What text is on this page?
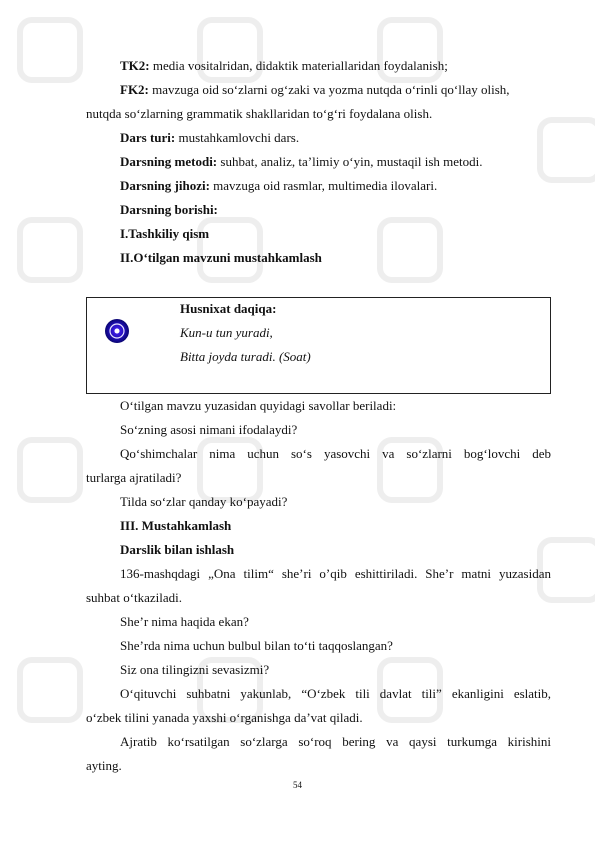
TK2: media vositalridan, didaktik materiallaridan foydalanish;
FK2: mavzuga oid so‘zlarni og‘zaki va yozma nutqda o‘rinli qo‘llay olish,
nutqda so‘zlarning grammatik shakllaridan to‘g‘ri foydalana olish.
Dars turi: mustahkamlovchi dars.
Darsning metodi: suhbat, analiz, ta’limiy o‘yin, mustaqil ish metodi.
Darsning jihozi: mavzuga oid rasmlar, multimedia ilovalari.
Darsning borishi:
I.Tashkiliy qism
II.O‘tilgan mavzuni mustahkamlash
Husnixat daqiqa:
Kun-u tun yuradi,
Bitta joyda turadi. (Soat)
O‘tilgan mavzu yuzasidan quyidagi savollar beriladi:
So‘zning asosi nimani ifodalaydi?
Qo‘shimchalar nima uchun so‘s yasovchi va so‘zlarni bog‘lovchi deb
turlarga ajratiladi?
Tilda so‘zlar qanday ko‘payadi?
III. Mustahkamlash
Darslik bilan ishlash
136-mashqdagi „Ona tilim“ she’ri o’qib eshittiriladi. She’r matni yuzasidan
suhbat o‘tkaziladi.
She’r nima haqida ekan?
She’rda nima uchun bulbul bilan to‘ti taqqoslangan?
Siz ona tilingizni sevasizmi?
O‘qituvchi suhbatni yakunlab, “O‘zbek tili davlat tili” ekanligini eslatib,
o‘zbek tilini yanada yaxshi o‘rganishga da’vat qiladi.
Ajratib ko‘rsatilgan so‘zlarga so‘roq bering va qaysi turkumga kirishini
ayting.
54
